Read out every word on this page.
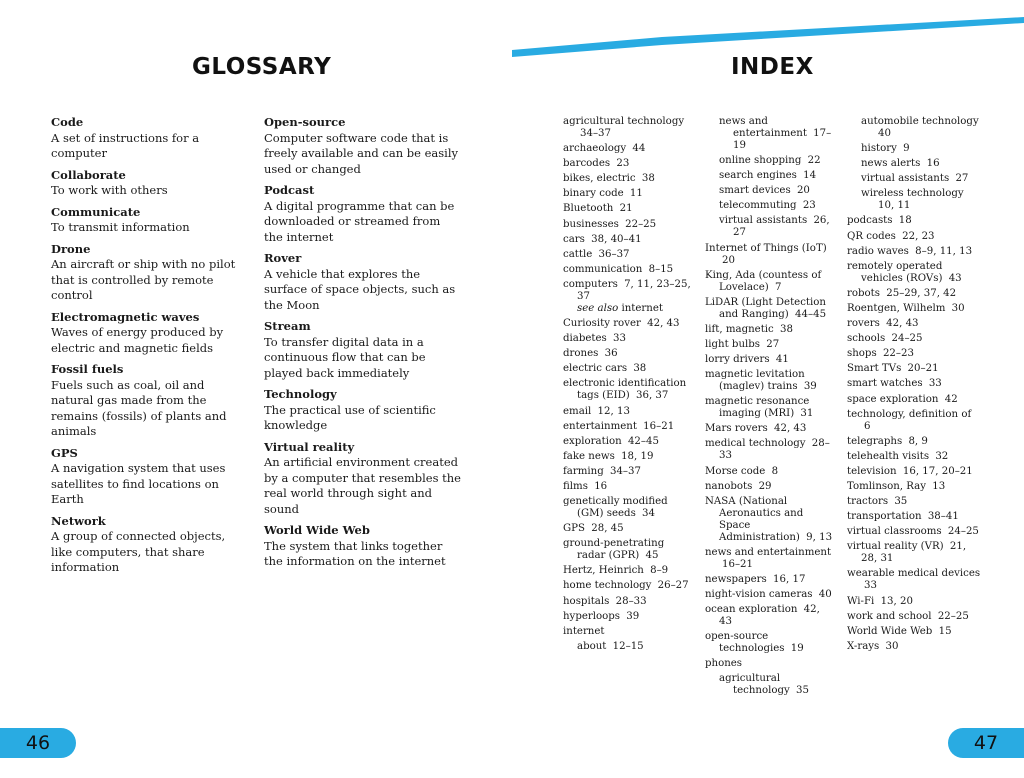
GLOSSARY	INDEX
Code
A set of instructions for a computer
Collaborate
To work with others
Communicate
To transmit information
Drone
An aircraft or ship with no pilot that is controlled by remote control
Electromagnetic waves
Waves of energy produced by electric and magnetic fields
Fossil fuels
Fuels such as coal, oil and natural gas made from the remains (fossils) of plants and animals
GPS
A navigation system that uses satellites to find locations on Earth
Network
A group of connected objects, like computers, that share information
Open-source
Computer software code that is freely available and can be easily used or changed
Podcast
A digital programme that can be downloaded or streamed from the internet
Rover
A vehicle that explores the surface of space objects, such as the Moon
Stream
To transfer digital data in a continuous flow that can be played back immediately
Technology
The practical use of scientific knowledge
Virtual reality
An artificial environment created by a computer that resembles the real world through sight and sound
World Wide Web
The system that links together the information on the internet
agricultural technology 34–37
archaeology 44
barcodes 23
bikes, electric 38
binary code 11
Bluetooth 21
businesses 22–25
cars 38, 40–41
cattle 36–37
communication 8–15
computers 7, 11, 23–25, 37
see also internet
Curiosity rover 42, 43
diabetes 33
drones 36
electric cars 38
electronic identification tags (EID) 36, 37
email 12, 13
entertainment 16–21
exploration 42–45
fake news 18, 19
farming 34–37
films 16
genetically modified (GM) seeds 34
GPS 28, 45
ground-penetrating radar (GPR) 45
Hertz, Heinrich 8–9
home technology 26–27
hospitals 28–33
hyperloops 39
internet
about 12–15
news and entertainment 17–19
online shopping 22
search engines 14
smart devices 20
telecommuting 23
virtual assistants 26, 27
Internet of Things (IoT) 20
King, Ada (countess of Lovelace) 7
LiDAR (Light Detection and Ranging) 44–45
lift, magnetic 38
light bulbs 27
lorry drivers 41
magnetic levitation (maglev) trains 39
magnetic resonance imaging (MRI) 31
Mars rovers 42, 43
medical technology 28–33
Morse code 8
nanobots 29
NASA (National Aeronautics and Space Administration) 9, 13
news and entertainment 16–21
newspapers 16, 17
night-vision cameras 40
ocean exploration 42, 43
open-source technologies 19
phones
agricultural technology 35
automobile technology 40
history 9
news alerts 16
virtual assistants 27
wireless technology 10, 11
podcasts 18
QR codes 22, 23
radio waves 8–9, 11, 13
remotely operated vehicles (ROVs) 43
robots 25–29, 37, 42
Roentgen, Wilhelm 30
rovers 42, 43
schools 24–25
shops 22–23
Smart TVs 20–21
smart watches 33
space exploration 42
technology, definition of 6
telegraphs 8, 9
telehealth visits 32
television 16, 17, 20–21
Tomlinson, Ray 13
tractors 35
transportation 38–41
virtual classrooms 24–25
virtual reality (VR) 21, 28, 31
wearable medical devices 33
Wi-Fi 13, 20
work and school 22–25
World Wide Web 15
X-rays 30
46	47
